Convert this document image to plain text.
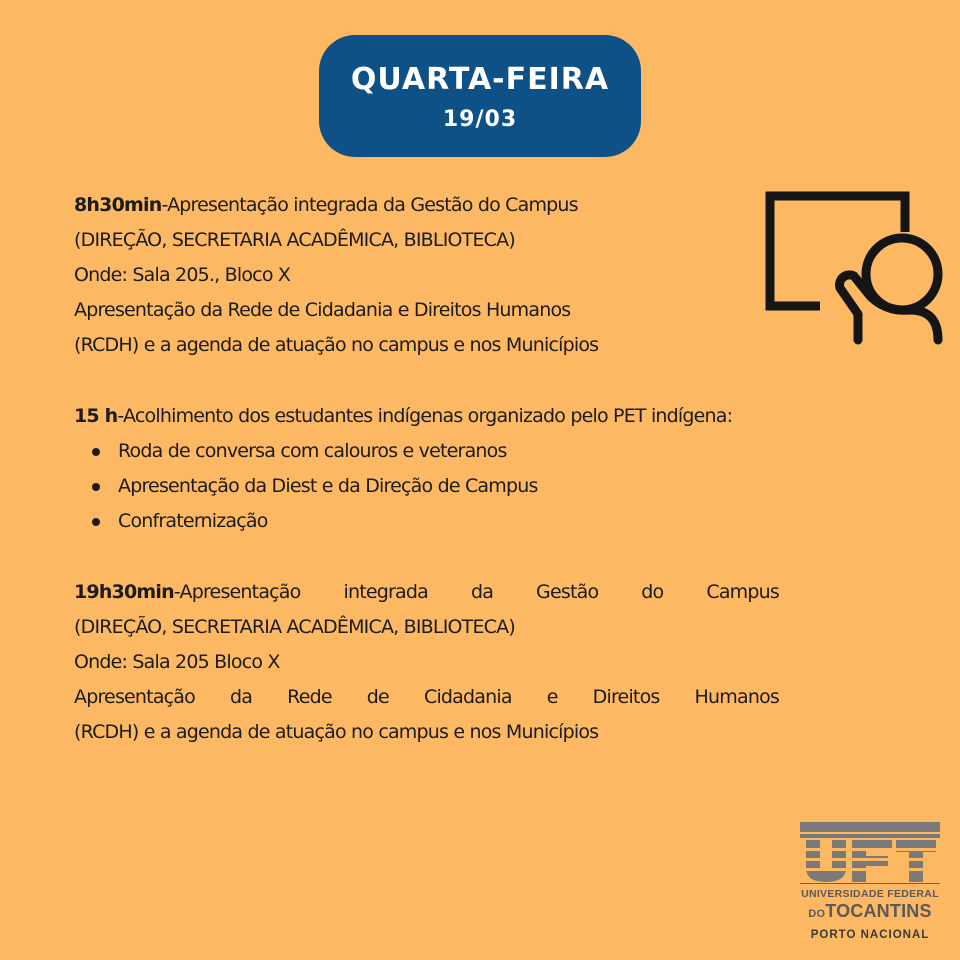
QUARTA-FEIRA
19/03
8h30min-Apresentação integrada da Gestão do Campus
(DIREÇÃO, SECRETARIA ACADÊMICA, BIBLIOTECA)
Onde: Sala 205., Bloco X
Apresentação da Rede de Cidadania e Direitos Humanos
(RCDH) e a agenda de atuação no campus e nos Municípios
15 h-Acolhimento dos estudantes indígenas organizado pelo PET indígena:
Roda de conversa com calouros e veteranos
Apresentação da Diest e da Direção de Campus
Confraternização
19h30min-Apresentação integrada da Gestão do Campus
(DIREÇÃO, SECRETARIA ACADÊMICA, BIBLIOTECA)
Onde: Sala 205 Bloco X
Apresentação da Rede de Cidadania e Direitos Humanos
(RCDH) e a agenda de atuação no campus e nos Municípios
UNIVERSIDADE FEDERAL
DOTOCANTINS
PORTO NACIONAL
